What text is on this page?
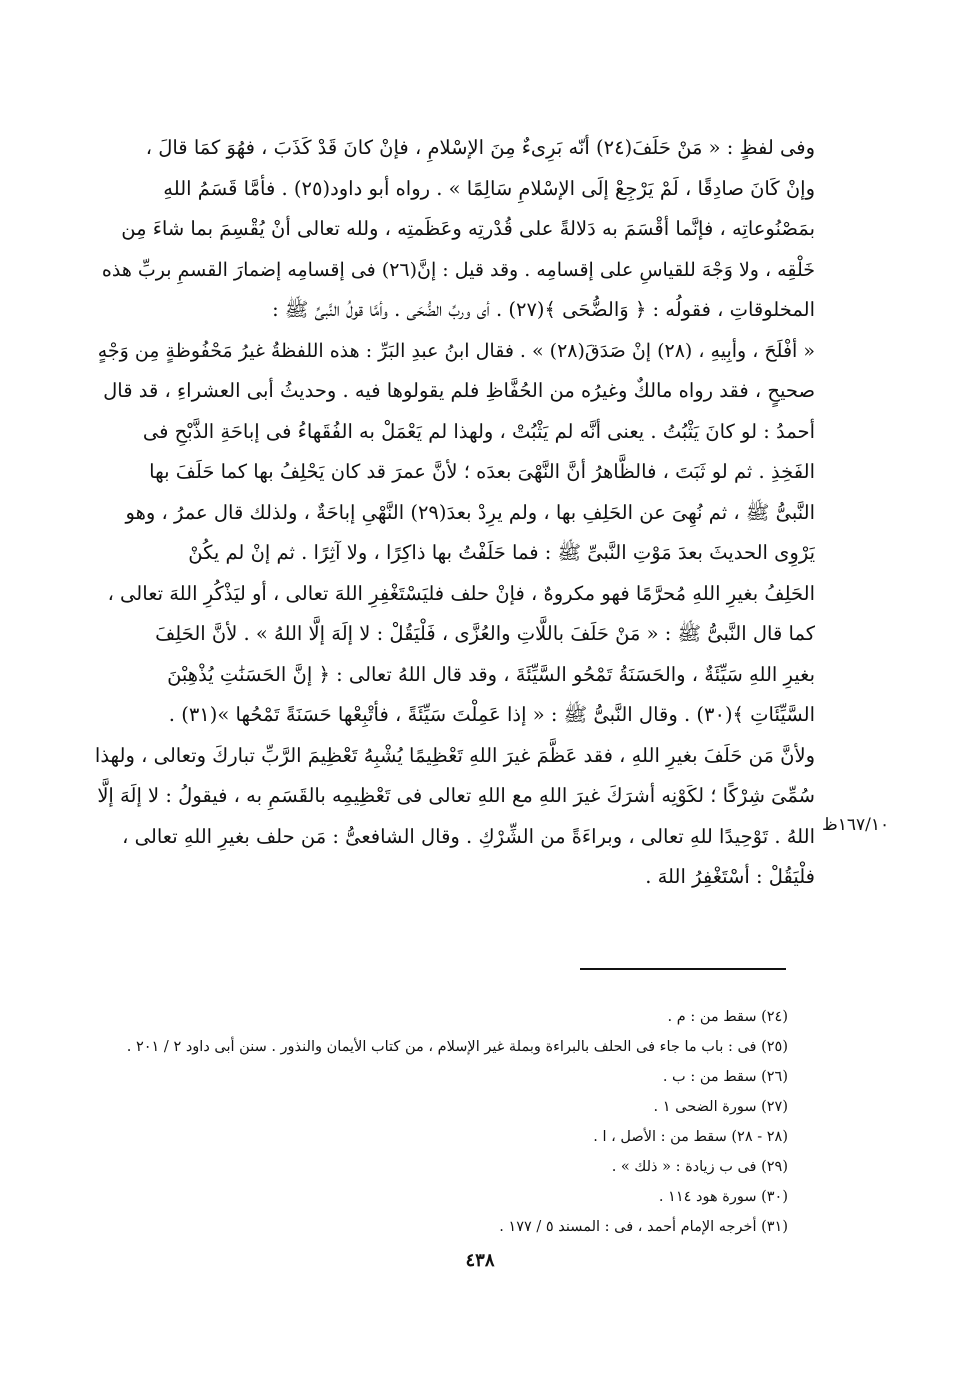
وفى لفظٍ : « مَنْ حَلَفَ(٢٤) أنّه بَرِىءٌ مِنَ الإسْلامِ ، فإنْ كانَ قَدْ كَذَبَ ، فهُوَ كمَا قالَ ،
وإنْ كَانَ صادِقًا ، لَمْ يَرْجِعْ إلَى الإسْلامِ سَالِمًا » . رواه أبو داود(٢٥) . فأمَّا قَسَمُ اللهِ
بمَصْنُوعاتِه ، فإنَّما أقْسَمَ به دَلالةً على قُدْرتِه وعَظَمتِه ، ولله تعالى أنْ يُقْسِمَ بما شاءَ مِن
خَلْقِه ، ولا وَجْهَ للقياسِ على إقسامِه . وقد قيل : إنَّ(٢٦) فى إقسامِه إضمارَ القسمِ بربِّ هذه
المخلوقاتِ ، فقولُه : ﴿ وَالضُّحَى ﴾(٢٧) . أى وربِّ الضُّحَى . وأمَّا قولُ النَّبىِّ ﷺ :
« أفْلَحَ ، وأبِيهِ ، (٢٨) إنْ صَدَقَ(٢٨) » . فقال ابنُ عبدِ البَرِّ : هذه اللفظةُ غيرُ مَحْفُوظةٍ مِن وَجْهٍ
صحيحٍ ، فقد رواه مالكٌ وغيرُه من الحُفَّاظِ فلم يقولوها فيه . وحديثُ أبى العشراءِ ، قد قال
أحمدُ : لو كانَ يَثْبُتُ . يعنى أنَّه لم يَثْبُتْ ، ولهذا لم يَعْمَلْ به الفُقَهاءُ فى إباحَةِ الذَّبْحِ فى
الفَخِذِ . ثم لو ثَبَتَ ، فالظَّاهرُ أنَّ النَّهْىَ بعدَه ؛ لأنَّ عمرَ قد كان يَحْلِفُ بها كما حَلَفَ بها
النَّبىُّ ﷺ ، ثم نُهِىَ عن الحَلِفِ بها ، ولم يرِدْ بعدَ(٢٩) النَّهْىِ إباحَةٌ ، ولذلك قال عمرُ ، وهو
يَرْوِى الحديثَ بعدَ مَوْتِ النَّبىِّ ﷺ : فما حَلَفْتُ بها ذاكِرًا ، ولا آثِرًا . ثم إنْ لم يكُنْ
الحَلِفُ بغيرِ اللهِ مُحرَّمًا فهو مكروهٌ ، فإنْ حلف فليَسْتَغْفِرِ اللهَ تعالى ، أو ليَذْكُرِ اللهَ تعالى ،
كما قال النَّبىُّ ﷺ : « مَنْ حَلَفَ باللَّاتِ والعُزَّى ، فَلْيَقُلْ : لا إلَهَ إلَّا اللهُ » . لأنَّ الحَلِفَ
بغيرِ اللهِ سَيِّئَةٌ ، والحَسَنَةُ تَمْحُو السَّيِّئَةَ ، وقد قال اللهُ تعالى : ﴿ إنَّ الحَسَنَٰتِ يُذْهِبْنَ
السَّيِّئَاتِ ﴾(٣٠) . وقال النَّبىُّ ﷺ : « إذا عَمِلْتَ سَيِّئَةً ، فأتْبِعْها حَسَنَةً تَمْحُها »(٣١) .
ولأنَّ مَن حَلَفَ بغيرِ اللهِ ، فقد عَظَّمَ غيرَ اللهِ تَعْظِيمًا يُشْبِهُ تَعْظِيمَ الرَّبِّ تباركَ وتعالى ، ولهذا
سُمِّىَ شِرْكًا ؛ لكَوْنِه أشرَكَ غيرَ اللهِ مع اللهِ تعالى فى تَعْظِيمِه بالقَسَمِ به ، فيقولُ : لا إلَهَ إلَّا
اللهُ . تَوْحِيدًا للهِ تعالى ، وبراءَةً من الشِّرْكِ . وقال الشافعىُّ : مَن حلف بغيرِ اللهِ تعالى ،
فلْيَقُلْ : أسْتَغْفِرُ اللهَ .
١٦٧/١٠ظ
(٢٤) سقط من : م .
(٢٥) فى : باب ما جاء فى الحلف بالبراءة وبملة غير الإسلام ، من كتاب الأيمان والنذور . سنن أبى داود ٢ / ٢٠١ .
(٢٦) سقط من : ب .
(٢٧) سورة الضحى ١ .
(٢٨ - ٢٨) سقط من : الأصل ، ا .
(٢٩) فى ب زيادة : « ذلك » .
(٣٠) سورة هود ١١٤ .
(٣١) أخرجه الإمام أحمد ، فى : المسند ٥ / ١٧٧ .
٤٣٨
